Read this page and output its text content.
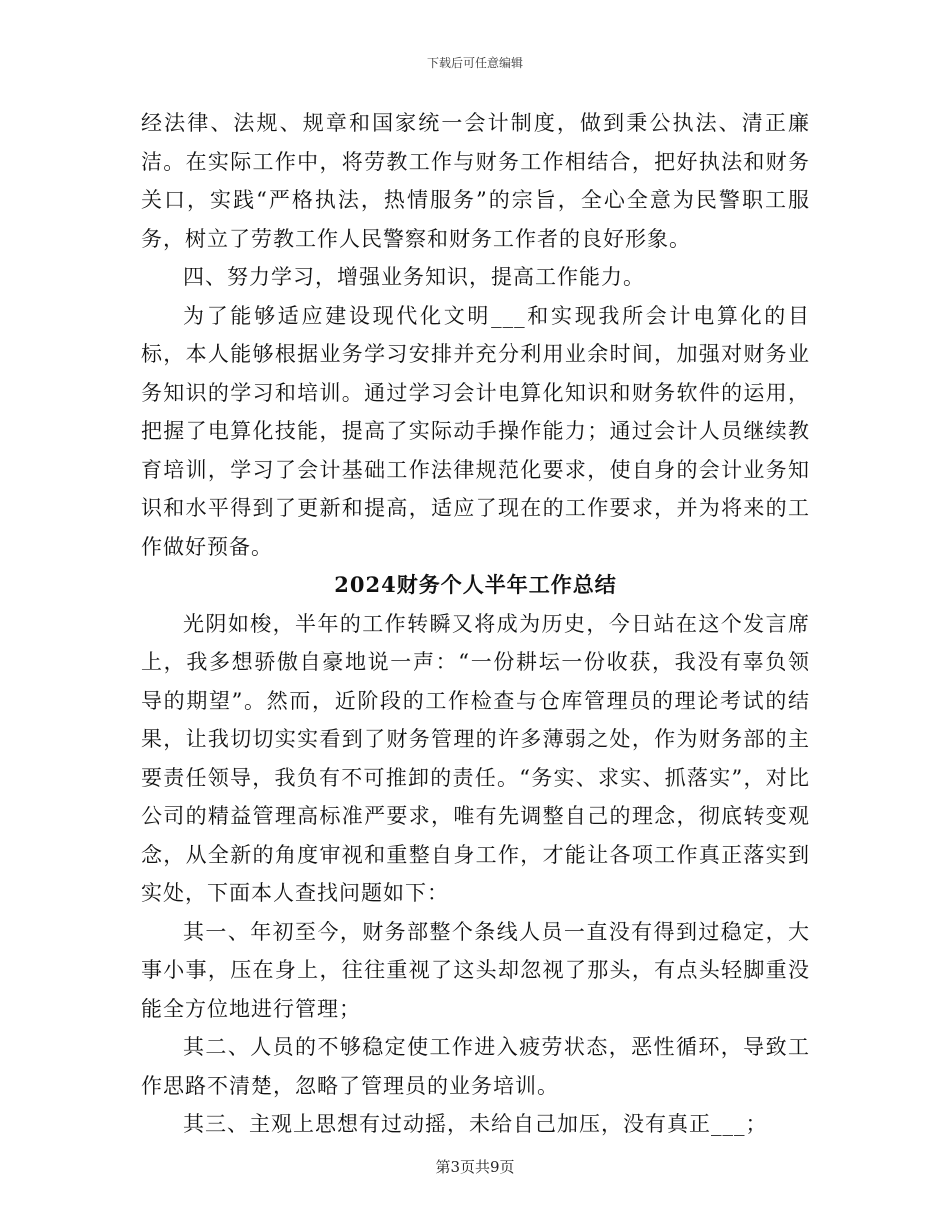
下载后可任意编辑

经法律、法规、规章和国家统一会计制度，做到秉公执法、清正廉洁。在实际工作中，将劳教工作与财务工作相结合，把好执法和财务关口，实践“严格执法，热情服务”的宗旨，全心全意为民警职工服务，树立了劳教工作人民警察和财务工作者的良好形象。

四、努力学习，增强业务知识，提高工作能力。

为了能够适应建设现代化文明___和实现我所会计电算化的目标，本人能够根据业务学习安排并充分利用业余时间，加强对财务业务知识的学习和培训。通过学习会计电算化知识和财务软件的运用，把握了电算化技能，提高了实际动手操作能力；通过会计人员继续教育培训，学习了会计基础工作法律规范化要求，使自身的会计业务知识和水平得到了更新和提高，适应了现在的工作要求，并为将来的工作做好预备。

2024财务个人半年工作总结

光阴如梭，半年的工作转瞬又将成为历史，今日站在这个发言席上，我多想骄傲自豪地说一声：“一份耕坛一份收获，我没有辜负领导的期望”。然而，近阶段的工作检查与仓库管理员的理论考试的结果，让我切切实实看到了财务管理的许多薄弱之处，作为财务部的主要责任领导，我负有不可推卸的责任。“务实、求实、抓落实”，对比公司的精益管理高标准严要求，唯有先调整自己的理念，彻底转变观念，从全新的角度审视和重整自身工作，才能让各项工作真正落实到实处，下面本人查找问题如下：

其一、年初至今，财务部整个条线人员一直没有得到过稳定，大事小事，压在身上，往往重视了这头却忽视了那头，有点头轻脚重没能全方位地进行管理；

其二、人员的不够稳定使工作进入疲劳状态，恶性循环，导致工作思路不清楚，忽略了管理员的业务培训。

其三、主观上思想有过动摇，未给自己加压，没有真正___；

第3页共9页
